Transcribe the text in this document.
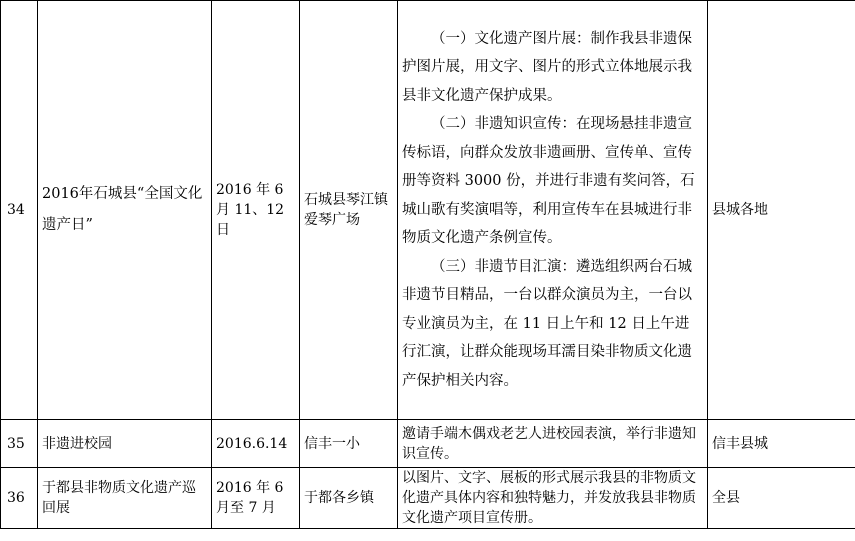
34	2016年石城县“全国文化遗产日”	2016 年 6 月 11、12 日	石城县琴江镇爱琴广场	（一）文化遗产图片展：制作我县非遗保护图片展，用文字、图片的形式立体地展示我县非文化遗产保护成果。

（二）非遗知识宣传：在现场悬挂非遗宣传标语，向群众发放非遗画册、宣传单、宣传册等资料 3000 份，并进行非遗有奖问答，石城山歌有奖演唱等，利用宣传车在县城进行非物质文化遗产条例宣传。

（三）非遗节目汇演：遴选组织两台石城非遗节目精品，一台以群众演员为主，一台以专业演员为主，在 11 日上午和 12 日上午进行汇演，让群众能现场耳濡目染非物质文化遗产保护相关内容。	县城各地
35	非遗进校园	2016.6.14	信丰一小	邀请手端木偶戏老艺人进校园表演，举行非遗知识宣传。	信丰县城
36	于都县非物质文化遗产巡回展	2016 年 6 月至 7 月	于都各乡镇	以图片、文字、展板的形式展示我县的非物质文化遗产具体内容和独特魅力，并发放我县非物质文化遗产项目宣传册。	全县
